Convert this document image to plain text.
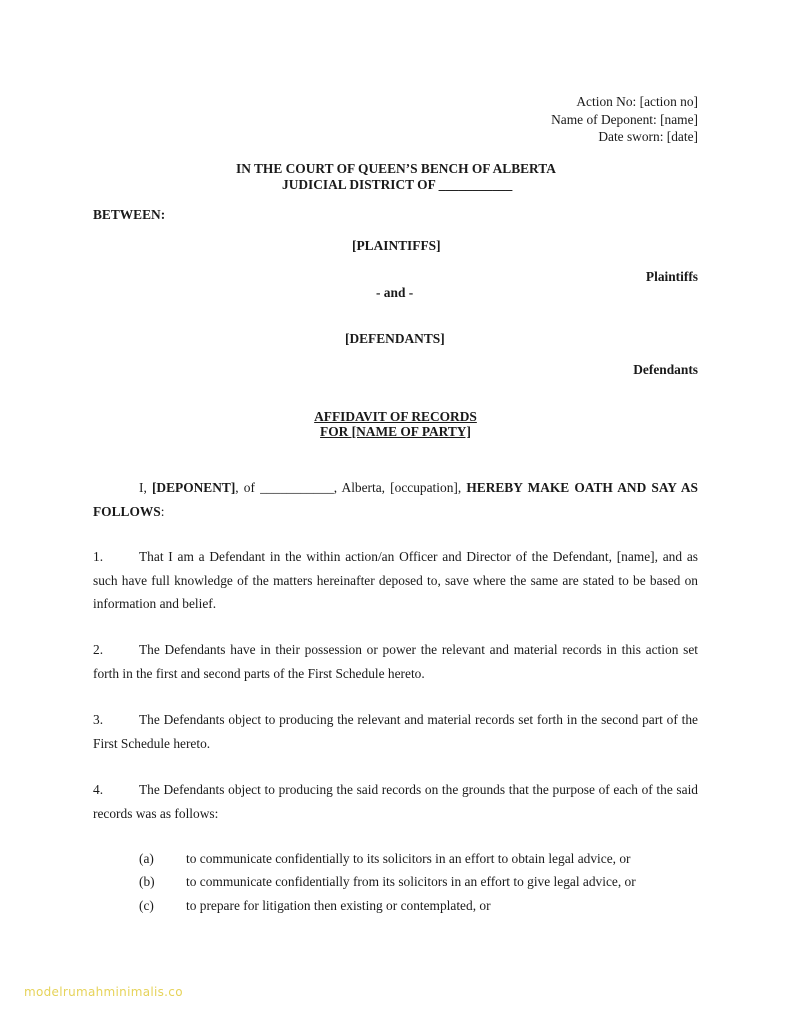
Action No: [action no]
Name of Deponent: [name]
Date sworn: [date]
IN THE COURT OF QUEEN’S BENCH OF ALBERTA
JUDICIAL DISTRICT OF ___________
BETWEEN:
[PLAINTIFFS]
Plaintiffs
- and -
[DEFENDANTS]
Defendants
AFFIDAVIT OF RECORDS
FOR [NAME OF PARTY]
I, [DEPONENT], of ___________, Alberta, [occupation], HEREBY MAKE OATH AND SAY AS FOLLOWS:
1.	That I am a Defendant in the within action/an Officer and Director of the Defendant, [name], and as such have full knowledge of the matters hereinafter deposed to, save where the same are stated to be based on information and belief.
2.	The Defendants have in their possession or power the relevant and material records in this action set forth in the first and second parts of the First Schedule hereto.
3.	The Defendants object to producing the relevant and material records set forth in the second part of the First Schedule hereto.
4.	The Defendants object to producing the said records on the grounds that the purpose of each of the said records was as follows:
(a) to communicate confidentially to its solicitors in an effort to obtain legal advice, or
(b) to communicate confidentially from its solicitors in an effort to give legal advice, or
(c) to prepare for litigation then existing or contemplated, or
modelrumahminimalis.co
